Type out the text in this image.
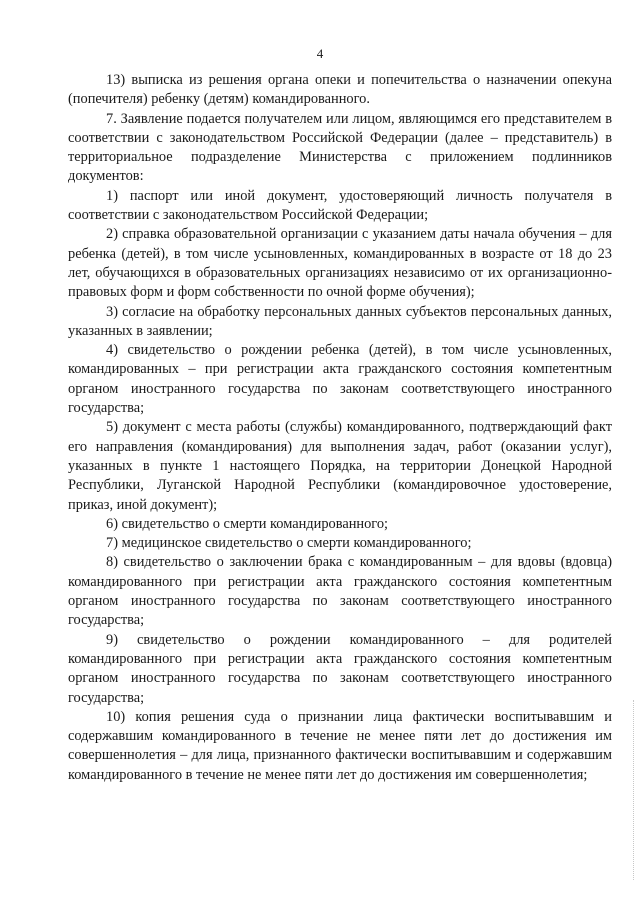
4

13) выписка из решения органа опеки и попечительства о назначении опекуна (попечителя) ребенку (детям) командированного.

7. Заявление подается получателем или лицом, являющимся его представителем в соответствии с законодательством Российской Федерации (далее – представитель) в территориальное подразделение Министерства с приложением подлинников документов:

1) паспорт или иной документ, удостоверяющий личность получателя в соответствии с законодательством Российской Федерации;

2) справка образовательной организации с указанием даты начала обучения – для ребенка (детей), в том числе усыновленных, командированных в возрасте от 18 до 23 лет, обучающихся в образовательных организациях независимо от их организационно-правовых форм и форм собственности по очной форме обучения);

3) согласие на обработку персональных данных субъектов персональных данных, указанных в заявлении;

4) свидетельство о рождении ребенка (детей), в том числе усыновленных, командированных – при регистрации акта гражданского состояния компетентным органом иностранного государства по законам соответствующего иностранного государства;

5) документ с места работы (службы) командированного, подтверждающий факт его направления (командирования) для выполнения задач, работ (оказании услуг), указанных в пункте 1 настоящего Порядка, на территории Донецкой Народной Республики, Луганской Народной Республики (командировочное удостоверение, приказ, иной документ);

6) свидетельство о смерти командированного;

7) медицинское свидетельство о смерти командированного;

8) свидетельство о заключении брака с командированным – для вдовы (вдовца) командированного при регистрации акта гражданского состояния компетентным органом иностранного государства по законам соответствующего иностранного государства;

9) свидетельство о рождении командированного – для родителей командированного при регистрации акта гражданского состояния компетентным органом иностранного государства по законам соответствующего иностранного государства;

10) копия решения суда о признании лица фактически воспитывавшим и содержавшим командированного в течение не менее пяти лет до достижения им совершеннолетия – для лица, признанного фактически воспитывавшим и содержавшим командированного в течение не менее пяти лет до достижения им совершеннолетия;
